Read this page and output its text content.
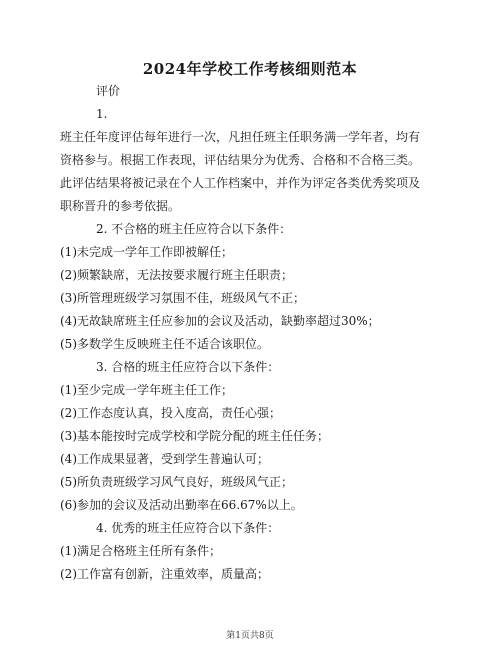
2024年学校工作考核细则范本
评价
1.
班主任年度评估每年进行一次，凡担任班主任职务满一学年者，均有
资格参与。根据工作表现，评估结果分为优秀、合格和不合格三类。
此评估结果将被记录在个人工作档案中，并作为评定各类优秀奖项及
职称晋升的参考依据。
2. 不合格的班主任应符合以下条件：
(1)未完成一学年工作即被解任；
(2)频繁缺席，无法按要求履行班主任职责；
(3)所管理班级学习氛围不佳，班级风气不正；
(4)无故缺席班主任应参加的会议及活动，缺勤率超过30%；
(5)多数学生反映班主任不适合该职位。
3. 合格的班主任应符合以下条件：
(1)至少完成一学年班主任工作；
(2)工作态度认真，投入度高，责任心强；
(3)基本能按时完成学校和学院分配的班主任任务；
(4)工作成果显著，受到学生普遍认可；
(5)所负责班级学习风气良好，班级风气正；
(6)参加的会议及活动出勤率在66.67%以上。
4. 优秀的班主任应符合以下条件：
(1)满足合格班主任所有条件；
(2)工作富有创新，注重效率，质量高；
第1页共8页
